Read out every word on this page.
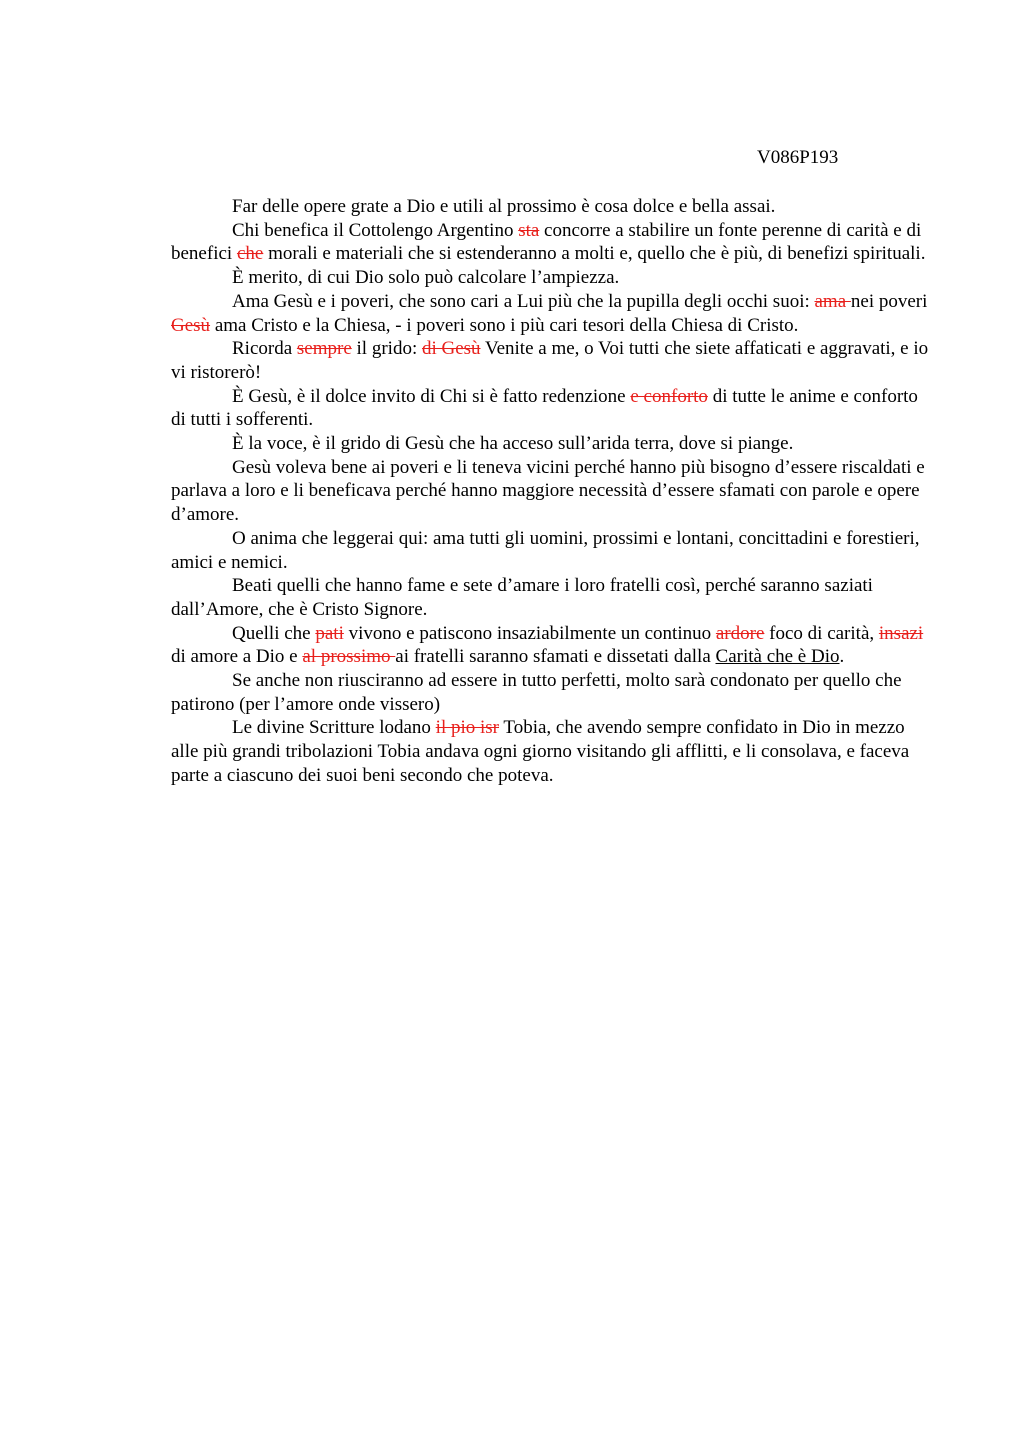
V086P193

Far delle opere grate a Dio e utili al prossimo è cosa dolce e bella assai.

Chi benefica il Cottolengo Argentino sta concorre a stabilire un fonte perenne di carità e di benefici che morali e materiali che si estenderanno a molti e, quello che è più, di benefizi spirituali.

È merito, di cui Dio solo può calcolare l’ampiezza.

Ama Gesù e i poveri, che sono cari a Lui più che la pupilla degli occhi suoi: ama nei poveri Gesù ama Cristo e la Chiesa, - i poveri sono i più cari tesori della Chiesa di Cristo.

Ricorda sempre il grido: di Gesù Venite a me, o Voi tutti che siete affaticati e aggravati, e io vi ristorerò!

È Gesù, è il dolce invito di Chi si è fatto redenzione e conforto di tutte le anime e conforto di tutti i sofferenti.

È la voce, è il grido di Gesù che ha acceso sull’arida terra, dove si piange.

Gesù voleva bene ai poveri e li teneva vicini perché hanno più bisogno d’essere riscaldati e parlava a loro e li beneficava perché hanno maggiore necessità d’essere sfamati con parole e opere d’amore.

O anima che leggerai qui: ama tutti gli uomini, prossimi e lontani, concittadini e forestieri, amici e nemici.

Beati quelli che hanno fame e sete d’amare i loro fratelli così, perché saranno saziati dall’Amore, che è Cristo Signore.

Quelli che pati vivono e patiscono insaziabilmente un continuo ardore foco di carità, insazi di amore a Dio e al prossimo ai fratelli saranno sfamati e dissetati dalla Carità che è Dio.

Se anche non riusciranno ad essere in tutto perfetti, molto sarà condonato per quello che patirono (per l’amore onde vissero)

Le divine Scritture lodano il pio isr Tobia, che avendo sempre confidato in Dio in mezzo alle più grandi tribolazioni Tobia andava ogni giorno visitando gli afflitti, e li consolava, e faceva parte a ciascuno dei suoi beni secondo che poteva.
